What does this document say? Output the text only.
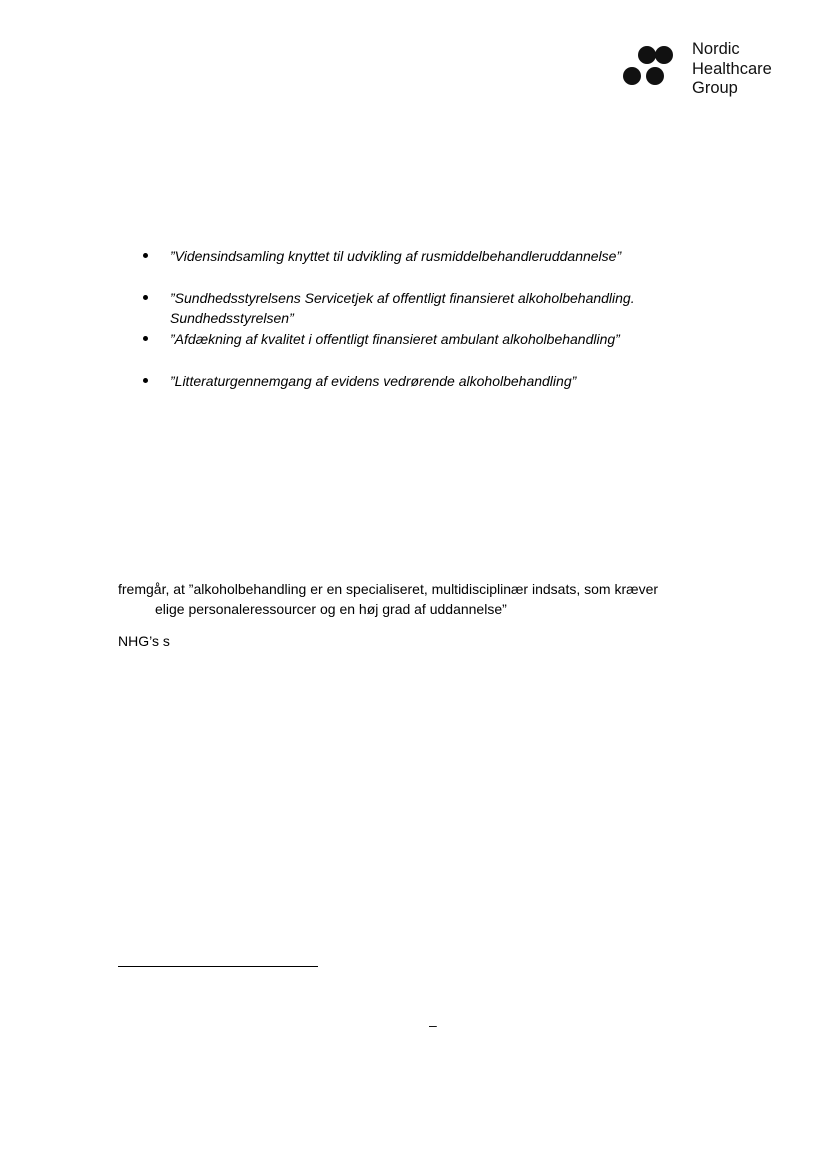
Nordic
Healthcare
Group
”Vidensindsamling knyttet til udvikling af rusmiddelbehandleruddannelse”
”Sundhedsstyrelsens Servicetjek af offentligt finansieret alkoholbehandling.
Sundhedsstyrelsen”
”Afdækning af kvalitet i offentligt finansieret ambulant alkoholbehandling”
”Litteraturgennemgang af evidens vedrørende alkoholbehandling”
fremgår, at ”alkoholbehandling er en specialiseret, multidisciplinær indsats, som kræver
elige personaleressourcer og en høj grad af uddannelse”
NHG’s s
–
